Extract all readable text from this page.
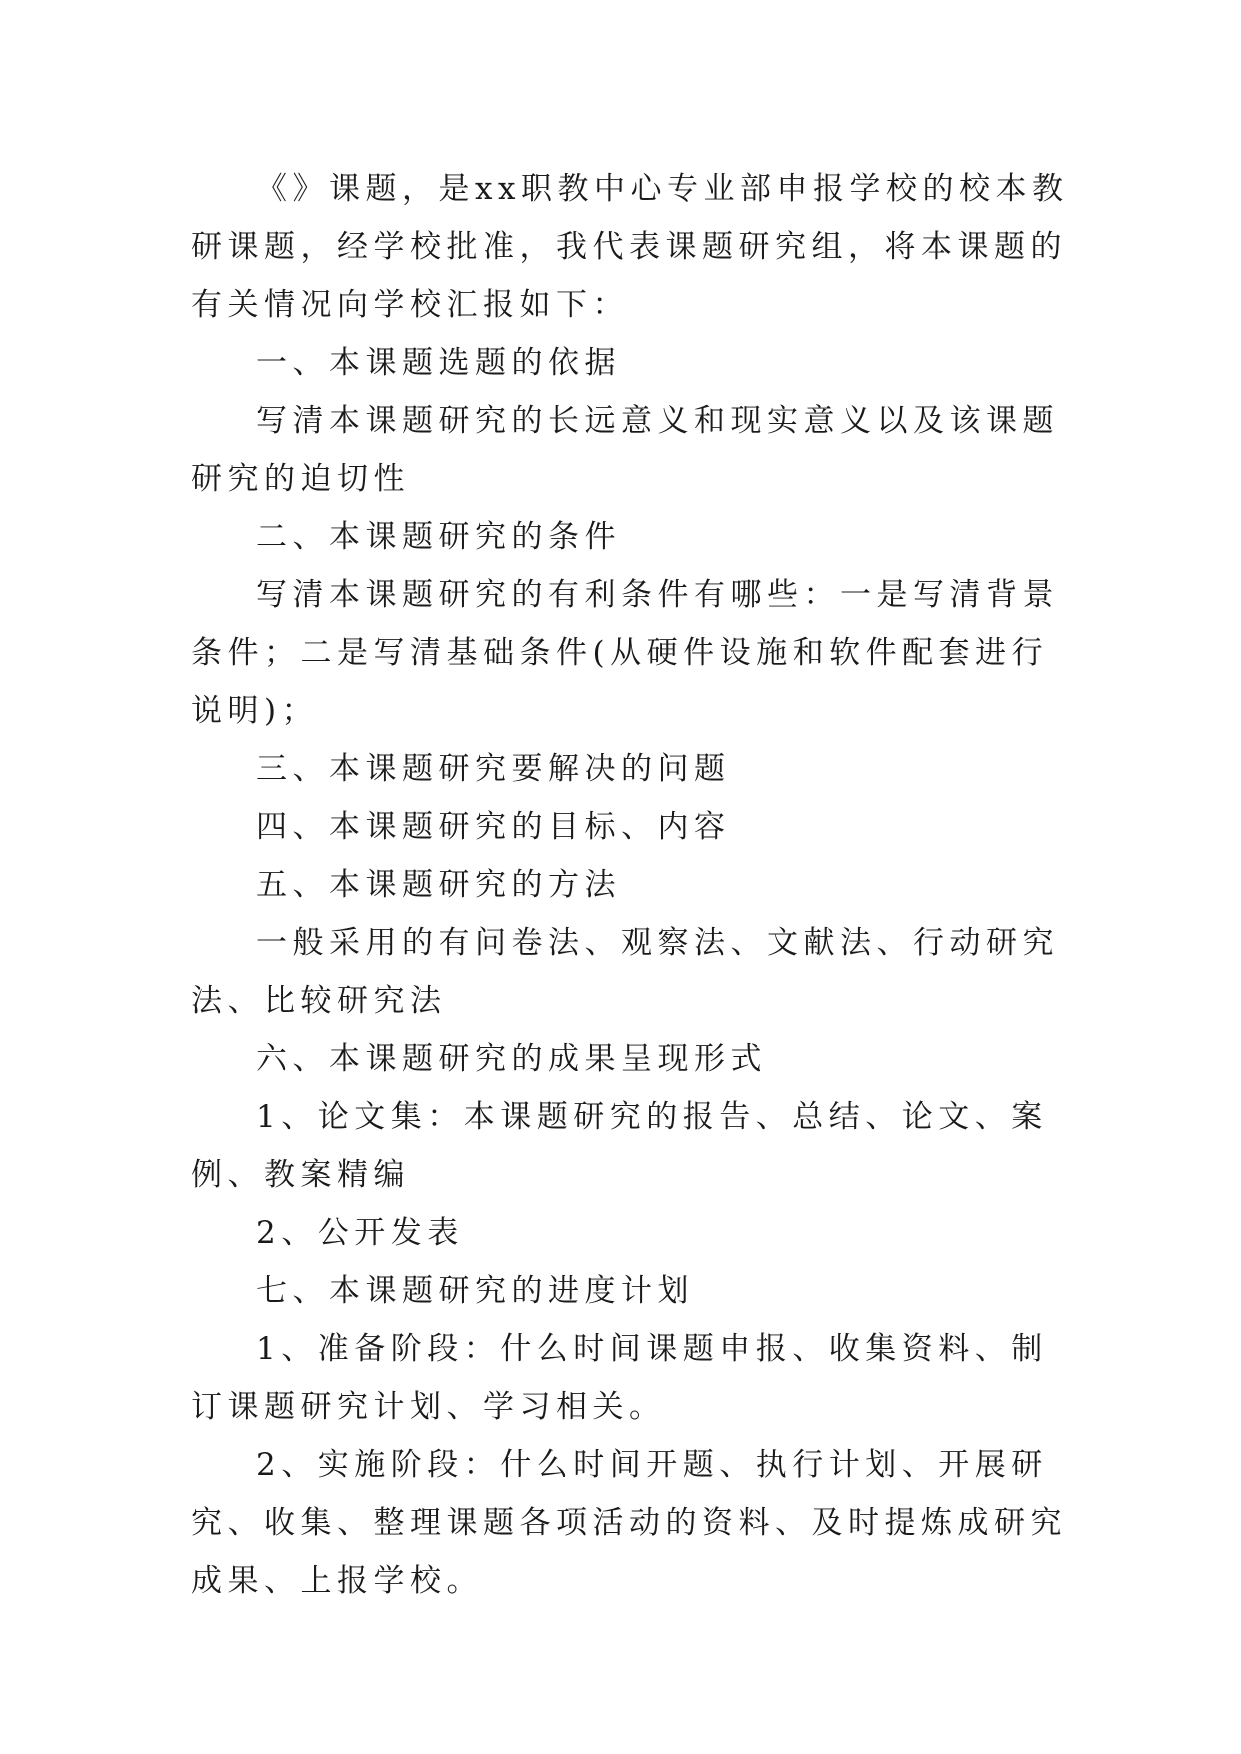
《》课题，是xx职教中心专业部申报学校的校本教研课题，经学校批准，我代表课题研究组，将本课题的有关情况向学校汇报如下：

一、本课题选题的依据

写清本课题研究的长远意义和现实意义以及该课题研究的迫切性

二、本课题研究的条件

写清本课题研究的有利条件有哪些：一是写清背景条件；二是写清基础条件(从硬件设施和软件配套进行说明)；

三、本课题研究要解决的问题

四、本课题研究的目标、内容

五、本课题研究的方法

一般采用的有问卷法、观察法、文献法、行动研究法、比较研究法

六、本课题研究的成果呈现形式

1、论文集：本课题研究的报告、总结、论文、案例、教案精编

2、公开发表

七、本课题研究的进度计划

1、准备阶段：什么时间课题申报、收集资料、制订课题研究计划、学习相关。

2、实施阶段：什么时间开题、执行计划、开展研究、收集、整理课题各项活动的资料、及时提炼成研究成果、上报学校。
